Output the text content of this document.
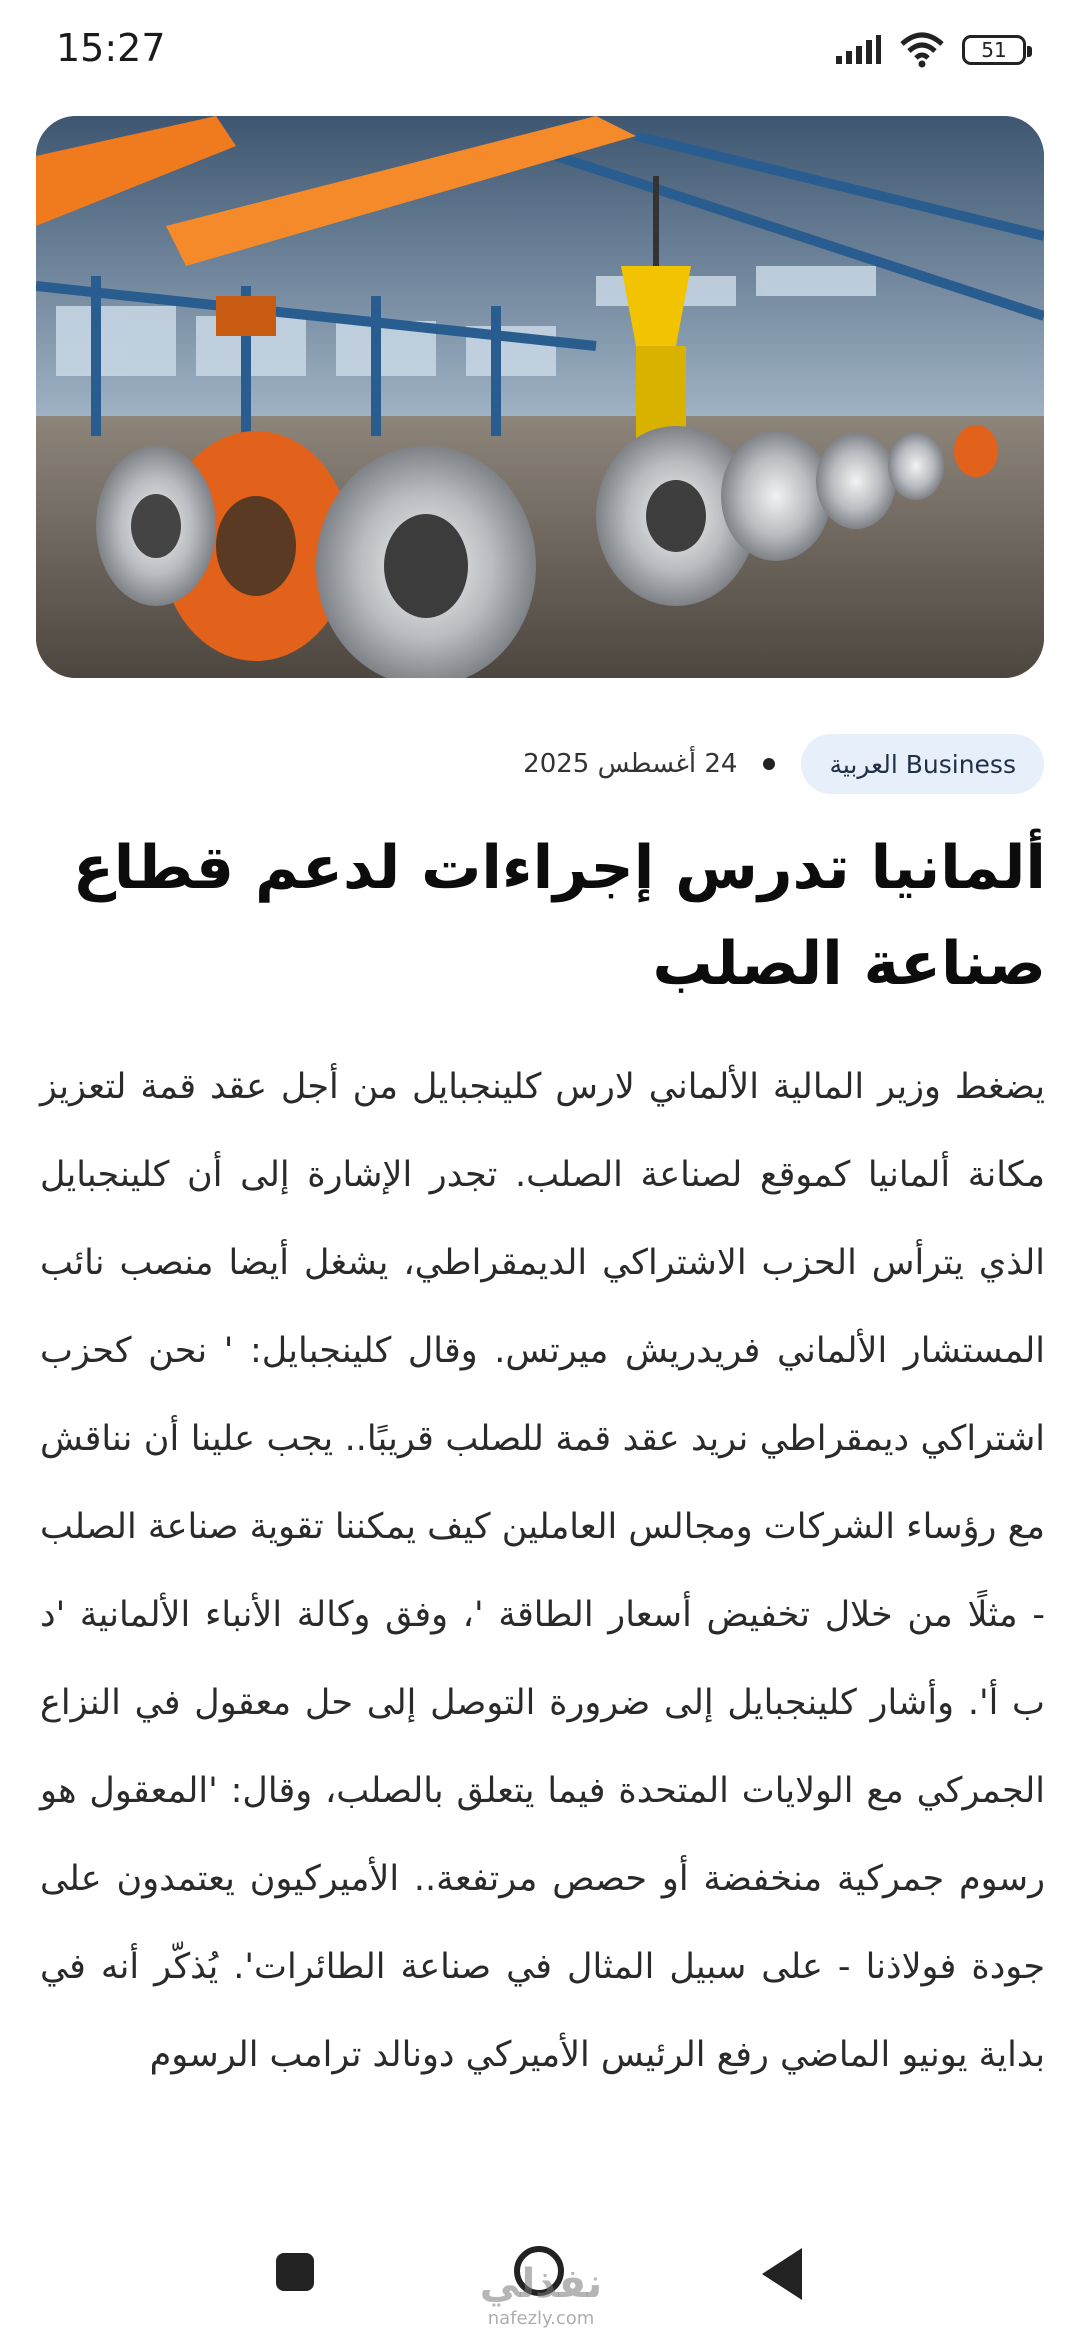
15:27	51
العربية Business
24 أغسطس 2025
ألمانيا تدرس إجراءات لدعم قطاع صناعة الصلب

يضغط وزير المالية الألماني لارس كلينجبايل من أجل عقد قمة لتعزيز مكانة ألمانيا كموقع لصناعة الصلب. تجدر الإشارة إلى أن كلينجبايل الذي يترأس الحزب الاشتراكي الديمقراطي، يشغل أيضا منصب نائب المستشار الألماني فريدريش ميرتس. وقال كلينجبايل: ' نحن كحزب اشتراكي ديمقراطي نريد عقد قمة للصلب قريبًا.. يجب علينا أن نناقش مع رؤساء الشركات ومجالس العاملين كيف يمكننا تقوية صناعة الصلب - مثلًا من خلال تخفيض أسعار الطاقة '، وفق وكالة الأنباء الألمانية 'د ب أ'. وأشار كلينجبايل إلى ضرورة التوصل إلى حل معقول في النزاع الجمركي مع الولايات المتحدة فيما يتعلق بالصلب، وقال: 'المعقول هو رسوم جمركية منخفضة أو حصص مرتفعة.. الأميركيون يعتمدون على جودة فولاذنا - على سبيل المثال في صناعة الطائرات'. يُذكّر أنه في بداية يونيو الماضي رفع الرئيس الأميركي دونالد ترامب الرسوم

نفذلي
nafezly.com
